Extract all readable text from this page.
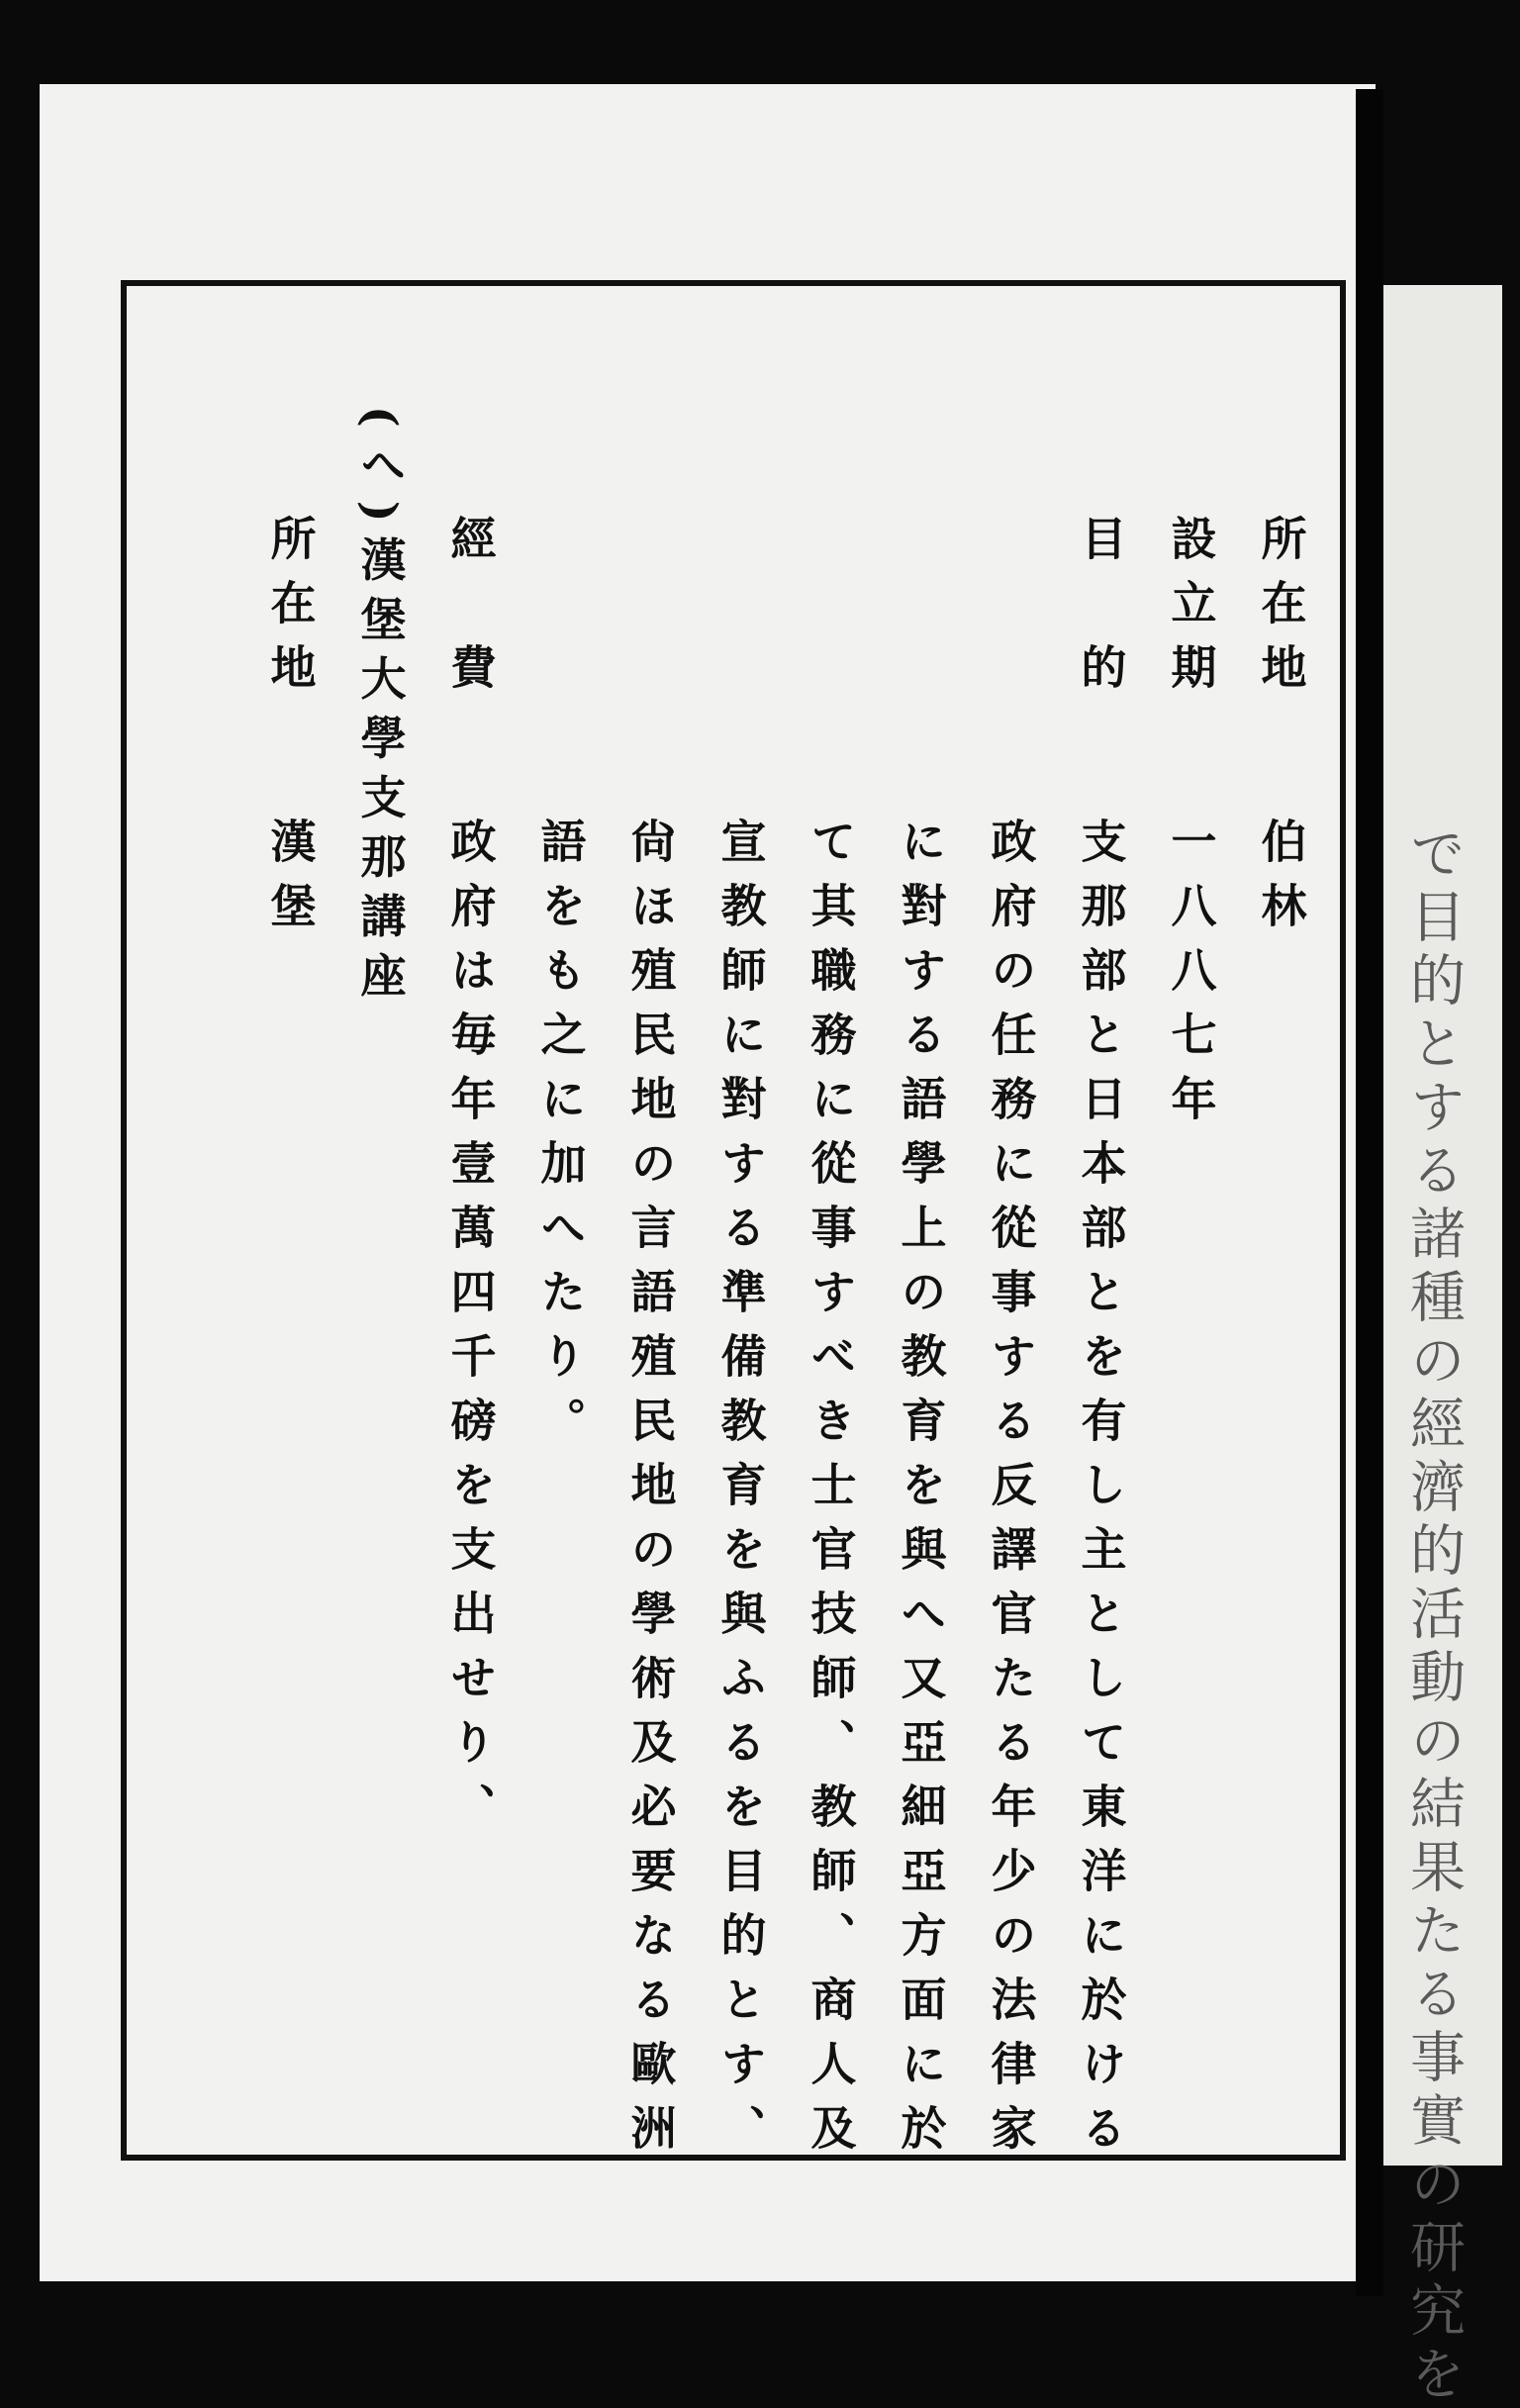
で目的とする諸種の經濟的活動の結果たる事實の研究を
所在地
伯林
設立期
一八八七年
目　的
支那部と日本部とを有し主として東洋に於ける
政府の任務に從事する反譯官たる年少の法律家
に對する語學上の教育を與へ又亞細亞方面に於
て其職務に從事すべき士官技師、教師、商人及
宣教師に對する準備教育を與ふるを目的とす、
尙ほ殖民地の言語殖民地の學術及必要なる歐洲
語をも之に加へたり。
經　費
政府は毎年壹萬四千磅を支出せり、
(へ)漢堡大學支那講座
所在地
漢堡
